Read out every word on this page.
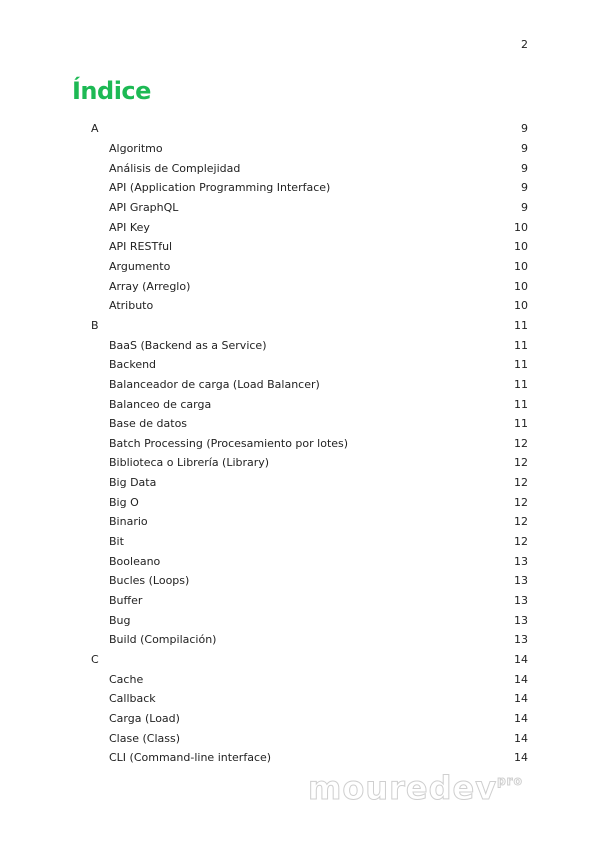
2
Índice
A	9
Algoritmo	9
Análisis de Complejidad	9
API (Application Programming Interface)	9
API GraphQL	9
API Key	10
API RESTful	10
Argumento	10
Array (Arreglo)	10
Atributo	10
B	11
BaaS (Backend as a Service)	11
Backend	11
Balanceador de carga (Load Balancer)	11
Balanceo de carga	11
Base de datos	11
Batch Processing (Procesamiento por lotes)	12
Biblioteca o Librería (Library)	12
Big Data	12
Big O	12
Binario	12
Bit	12
Booleano	13
Bucles (Loops)	13
Buffer	13
Bug	13
Build (Compilación)	13
C	14
Cache	14
Callback	14
Carga (Load)	14
Clase (Class)	14
CLI (Command-line interface)	14
mouredev$^{pro}$
